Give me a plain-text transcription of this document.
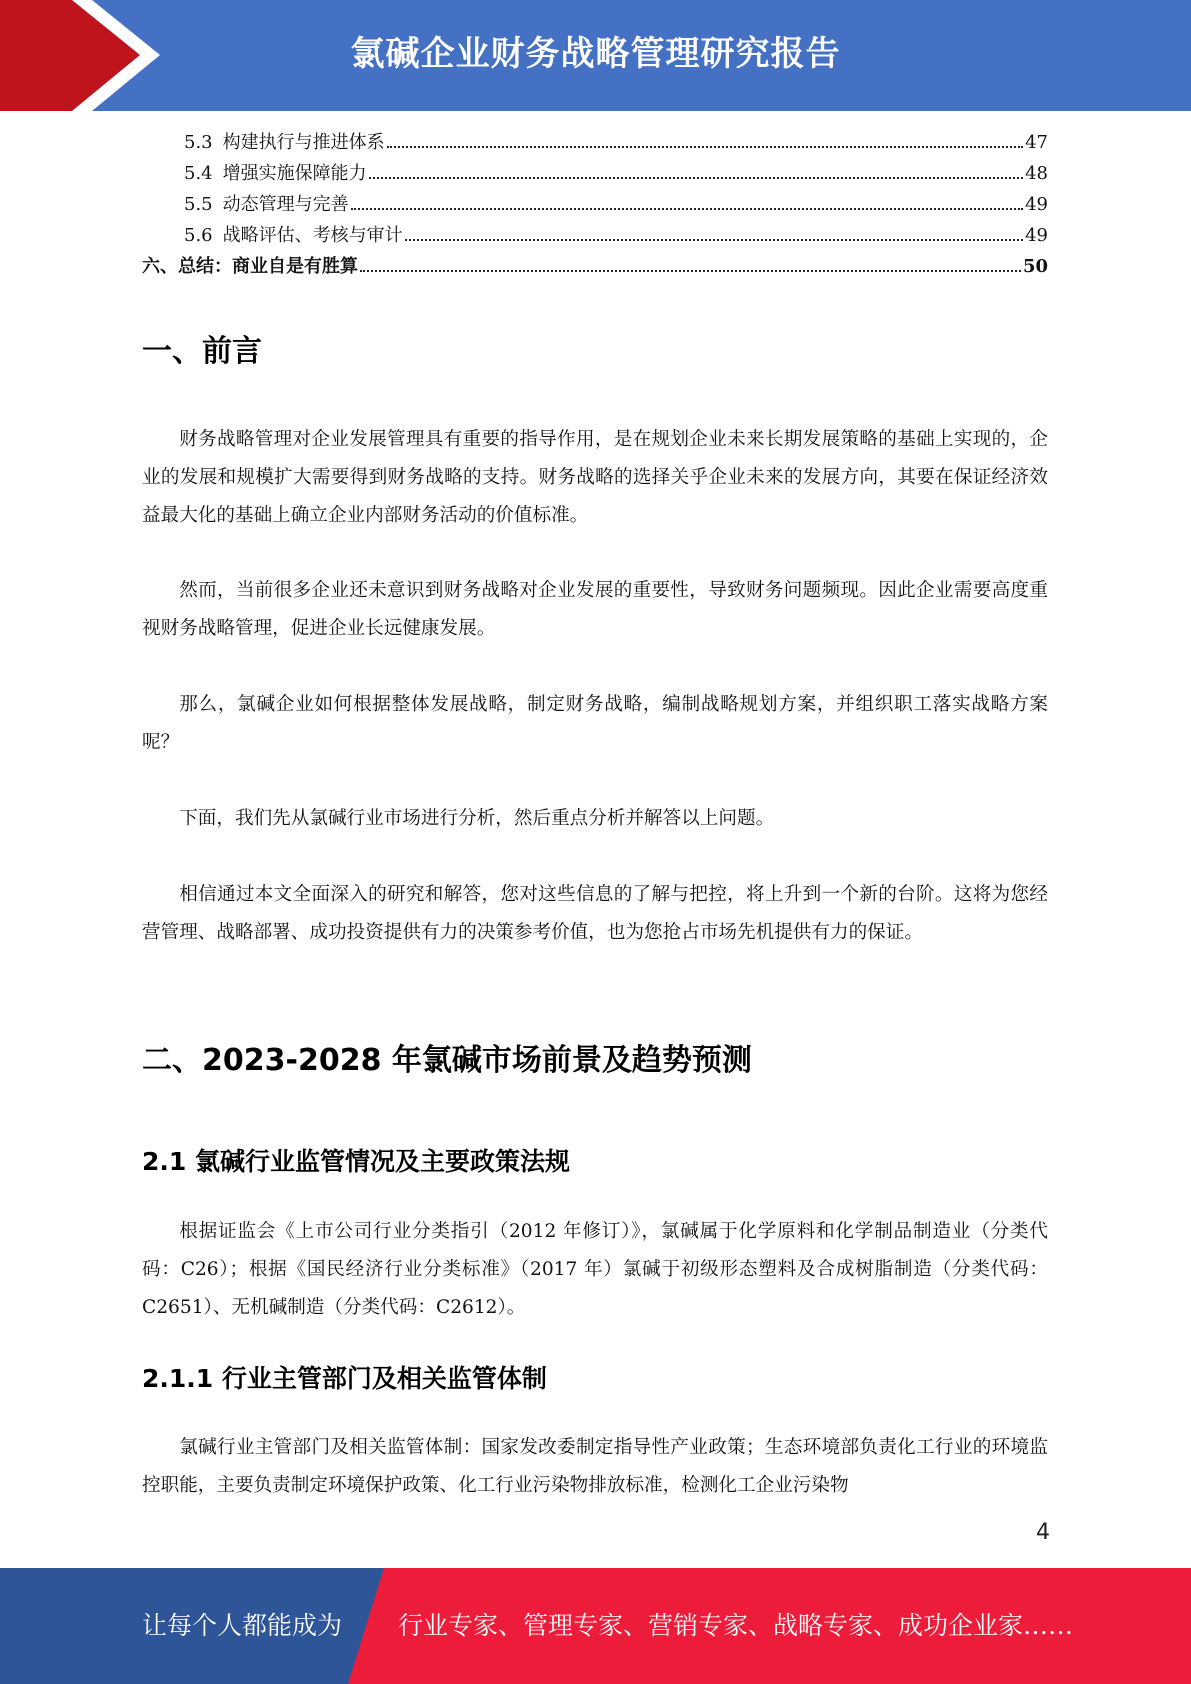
氯碱企业财务战略管理研究报告
5.3 构建执行与推进体系	47
5.4 增强实施保障能力	48
5.5 动态管理与完善	49
5.6 战略评估、考核与审计	49
六、总结：商业自是有胜算	50
一、前言

财务战略管理对企业发展管理具有重要的指导作用，是在规划企业未来长期发展策略的基础上实现的，企业的发展和规模扩大需要得到财务战略的支持。财务战略的选择关乎企业未来的发展方向，其要在保证经济效益最大化的基础上确立企业内部财务活动的价值标准。

然而，当前很多企业还未意识到财务战略对企业发展的重要性，导致财务问题频现。因此企业需要高度重视财务战略管理，促进企业长远健康发展。

那么，氯碱企业如何根据整体发展战略，制定财务战略，编制战略规划方案，并组织职工落实战略方案呢？

下面，我们先从氯碱行业市场进行分析，然后重点分析并解答以上问题。

相信通过本文全面深入的研究和解答，您对这些信息的了解与把控，将上升到一个新的台阶。这将为您经营管理、战略部署、成功投资提供有力的决策参考价值，也为您抢占市场先机提供有力的保证。

二、2023-2028 年氯碱市场前景及趋势预测
2.1 氯碱行业监管情况及主要政策法规

根据证监会《上市公司行业分类指引（2012 年修订）》，氯碱属于化学原料和化学制品制造业（分类代码：C26）；根据《国民经济行业分类标准》（2017 年）氯碱于初级形态塑料及合成树脂制造（分类代码：C2651）、无机碱制造（分类代码：C2612）。

2.1.1 行业主管部门及相关监管体制

氯碱行业主管部门及相关监管体制：国家发改委制定指导性产业政策；生态环境部负责化工行业的环境监控职能，主要负责制定环境保护政策、化工行业污染物排放标准，检测化工企业污染物

4
让每个人都能成为 行业专家、管理专家、营销专家、战略专家、成功企业家……
